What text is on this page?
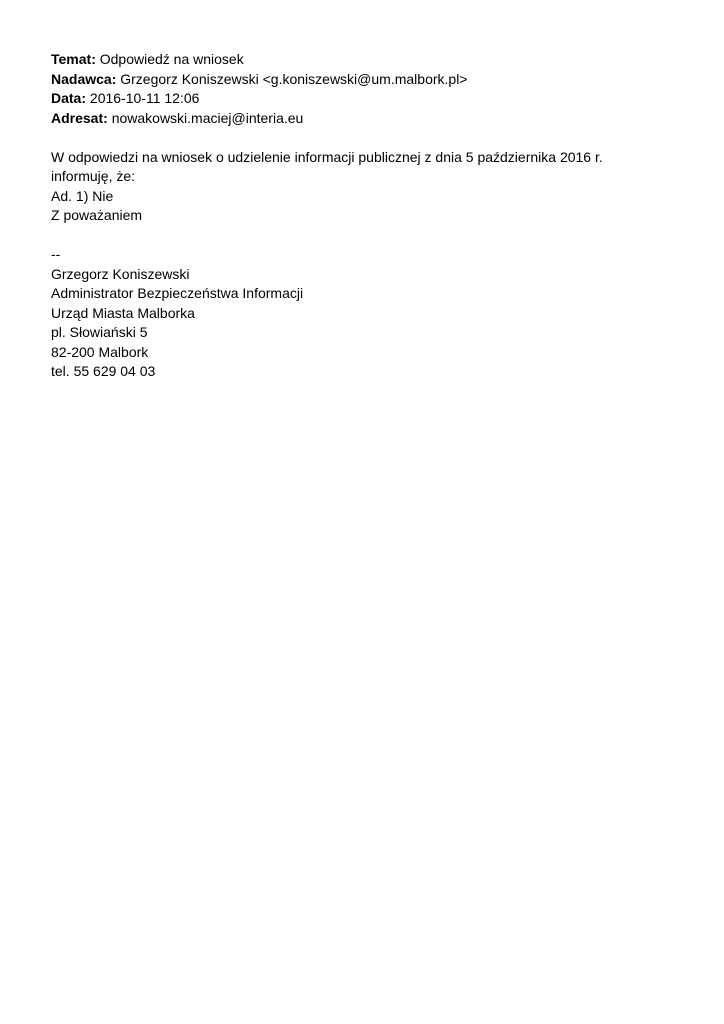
Temat: Odpowiedź na wniosek
Nadawca: Grzegorz Koniszewski <g.koniszewski@um.malbork.pl>
Data: 2016-10-11 12:06
Adresat: nowakowski.maciej@interia.eu
W odpowiedzi na wniosek o udzielenie informacji publicznej z dnia 5 października 2016 r.
informuję, że:
Ad. 1) Nie
Z poważaniem
--
Grzegorz Koniszewski
Administrator Bezpieczeństwa Informacji
Urząd Miasta Malborka
pl. Słowiański 5
82-200 Malbork
tel. 55 629 04 03
